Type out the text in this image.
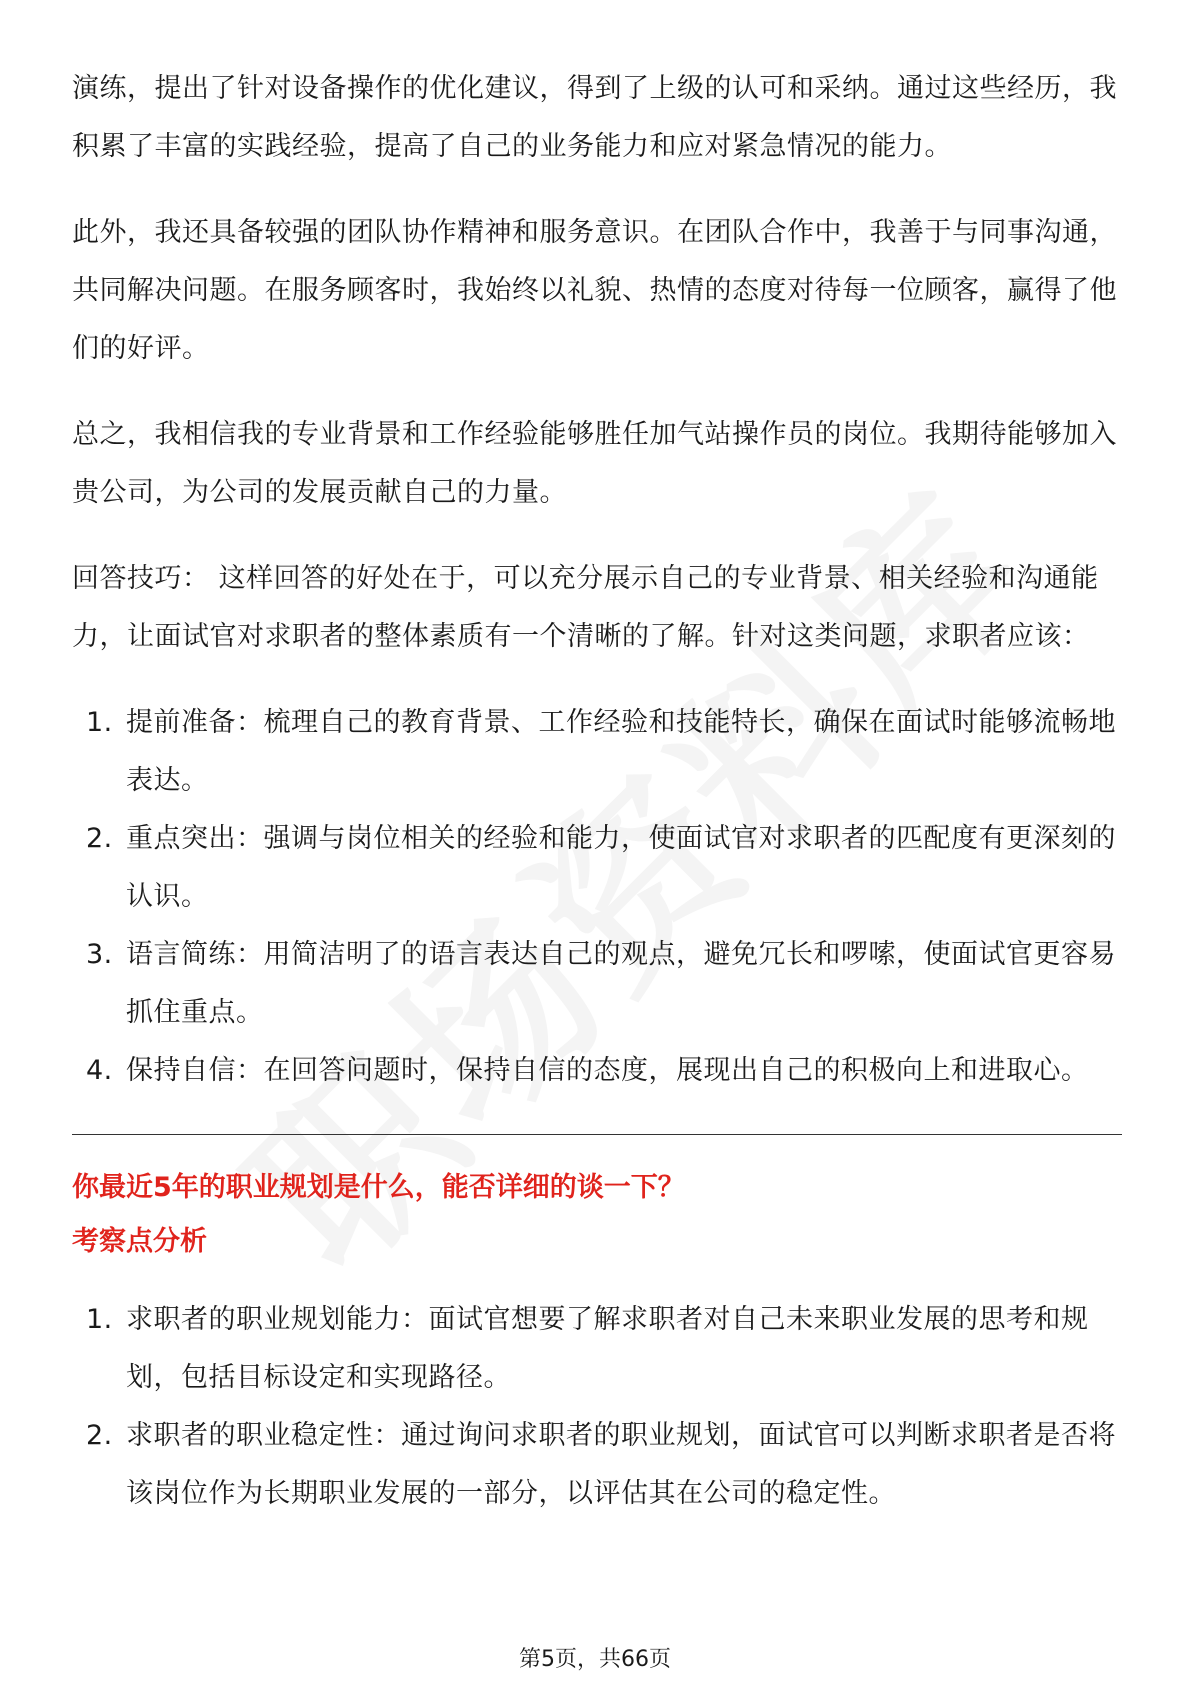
演练，提出了针对设备操作的优化建议，得到了上级的认可和采纳。通过这些经历，我积累了丰富的实践经验，提高了自己的业务能力和应对紧急情况的能力。

此外，我还具备较强的团队协作精神和服务意识。在团队合作中，我善于与同事沟通，共同解决问题。在服务顾客时，我始终以礼貌、热情的态度对待每一位顾客，赢得了他们的好评。

总之，我相信我的专业背景和工作经验能够胜任加气站操作员的岗位。我期待能够加入贵公司，为公司的发展贡献自己的力量。

回答技巧： 这样回答的好处在于，可以充分展示自己的专业背景、相关经验和沟通能力，让面试官对求职者的整体素质有一个清晰的了解。针对这类问题，求职者应该：

1. 提前准备：梳理自己的教育背景、工作经验和技能特长，确保在面试时能够流畅地表达。
2. 重点突出：强调与岗位相关的经验和能力，使面试官对求职者的匹配度有更深刻的认识。
3. 语言简练：用简洁明了的语言表达自己的观点，避免冗长和啰嗦，使面试官更容易抓住重点。
4. 保持自信：在回答问题时，保持自信的态度，展现出自己的积极向上和进取心。
你最近5年的职业规划是什么，能否详细的谈一下？
考察点分析
1. 求职者的职业规划能力：面试官想要了解求职者对自己未来职业发展的思考和规划，包括目标设定和实现路径。
2. 求职者的职业稳定性：通过询问求职者的职业规划，面试官可以判断求职者是否将该岗位作为长期职业发展的一部分，以评估其在公司的稳定性。
第5页，共66页
